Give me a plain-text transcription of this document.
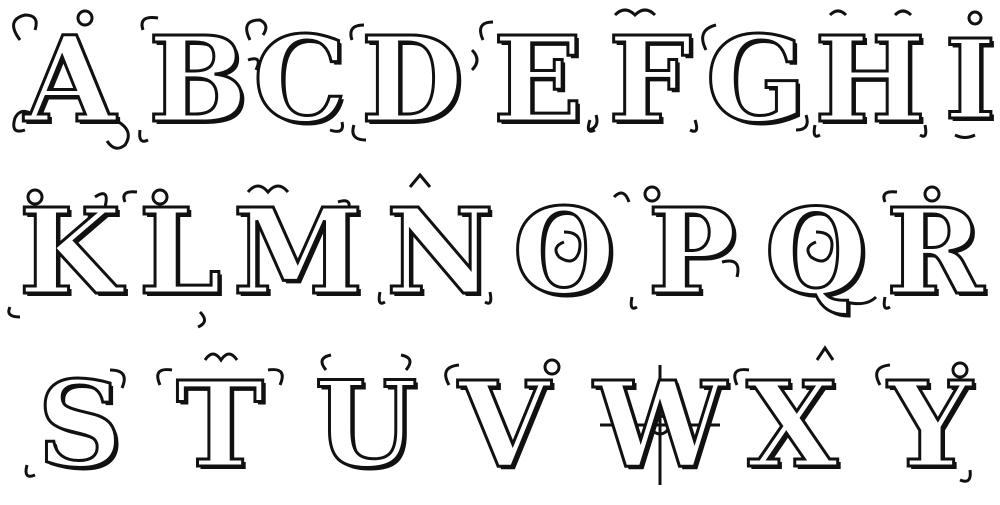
A B C D E F G H I
K L M N O P Q R
S T U V W X Y
